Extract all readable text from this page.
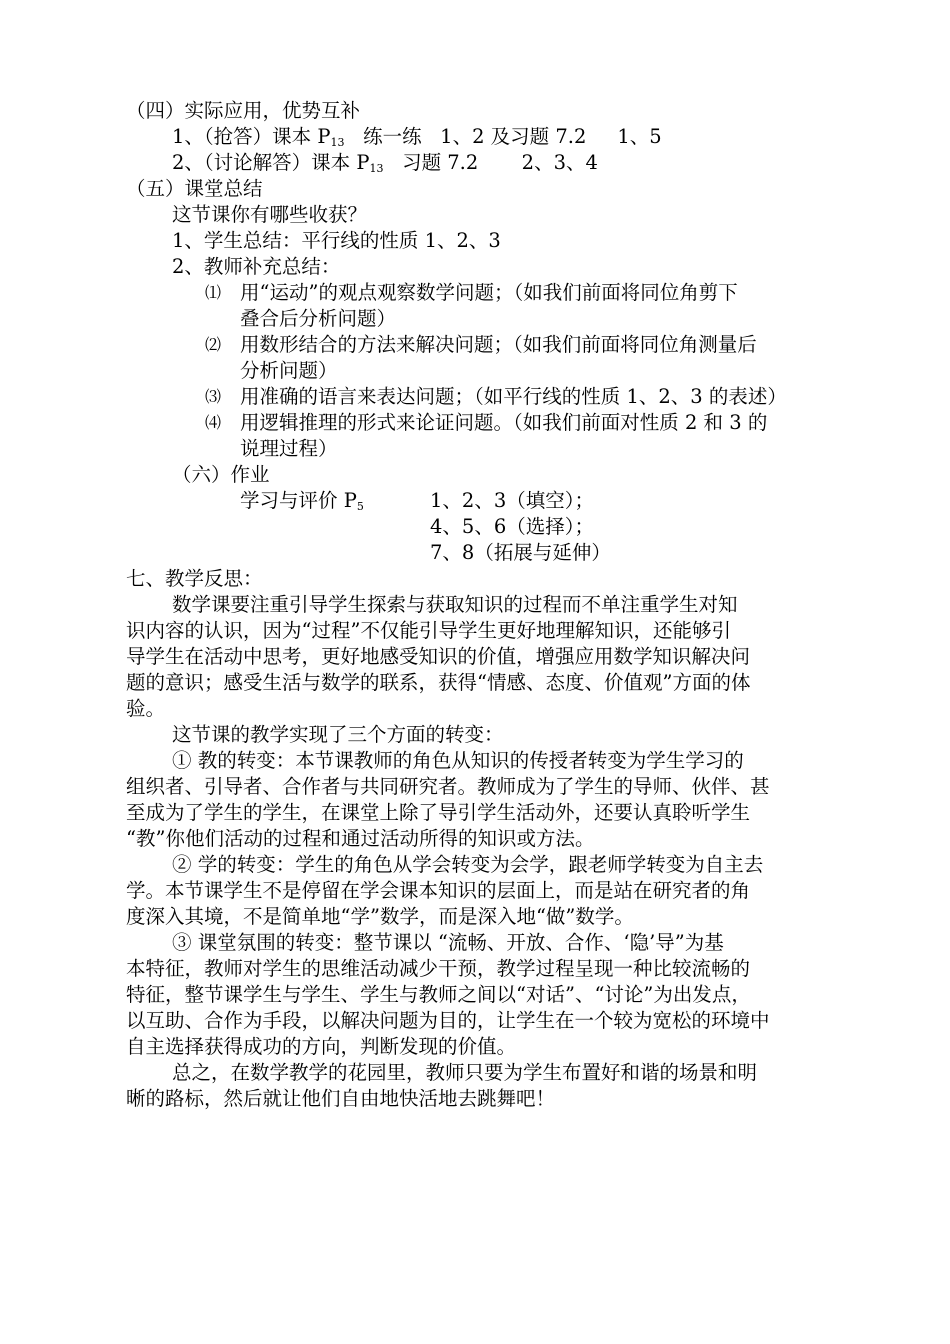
（四）实际应用，优势互补
1、（抢答）课本 $P_{13}$   练一练   1、2 及习题 7.2     1、5
2、（讨论解答）课本 $P_{13}$   习题 7.2       2、3、4
（五）课堂总结
这节课你有哪些收获？
1、学生总结：平行线的性质 1、2、3
2、教师补充总结：
⑴ 用“运动”的观点观察数学问题；（如我们前面将同位角剪下
叠合后分析问题）
⑵ 用数形结合的方法来解决问题；（如我们前面将同位角测量后
分析问题）
⑶ 用准确的语言来表达问题；（如平行线的性质 1、2、3 的表述）
⑷ 用逻辑推理的形式来论证问题。（如我们前面对性质 2 和 3 的
说理过程）
（六）作业
学习与评价 $P_5$	1、2、3（填空）；
4、5、6（选择）；
7、8（拓展与延伸）
七、教学反思：
数学课要注重引导学生探索与获取知识的过程而不单注重学生对知
识内容的认识，因为“过程”不仅能引导学生更好地理解知识，还能够引
导学生在活动中思考，更好地感受知识的价值，增强应用数学知识解决问
题的意识；感受生活与数学的联系，获得“情感、态度、价值观”方面的体
验。
这节课的教学实现了三个方面的转变：
① 教的转变：本节课教师的角色从知识的传授者转变为学生学习的
组织者、引导者、合作者与共同研究者。教师成为了学生的导师、伙伴、甚
至成为了学生的学生，在课堂上除了导引学生活动外，还要认真聆听学生
“教”你他们活动的过程和通过活动所得的知识或方法。
② 学的转变：学生的角色从学会转变为会学，跟老师学转变为自主去
学。本节课学生不是停留在学会课本知识的层面上，而是站在研究者的角
度深入其境，不是简单地“学”数学，而是深入地“做”数学。
③ 课堂氛围的转变：整节课以 “流畅、开放、合作、‘隐’导”为基
本特征，教师对学生的思维活动减少干预，教学过程呈现一种比较流畅的
特征，整节课学生与学生、学生与教师之间以“对话”、“讨论”为出发点，
以互助、合作为手段，以解决问题为目的，让学生在一个较为宽松的环境中
自主选择获得成功的方向，判断发现的价值。
总之，在数学教学的花园里，教师只要为学生布置好和谐的场景和明
晰的路标，然后就让他们自由地快活地去跳舞吧！
